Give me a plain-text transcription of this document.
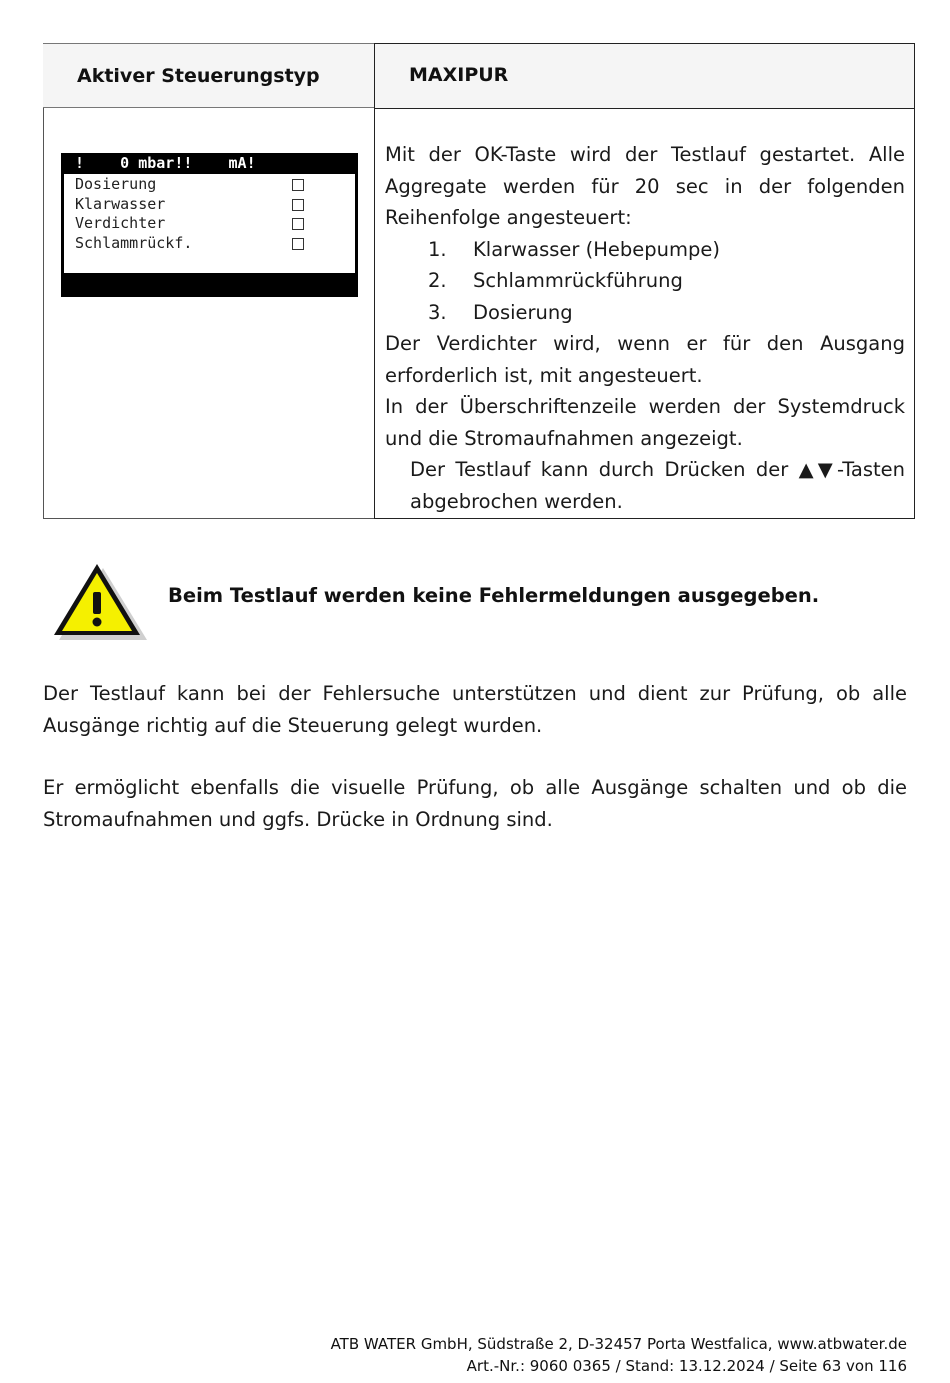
Aktiver Steuerungstyp	MAXIPUR
!    0 mbar!!    mA!
Dosierung
Klarwasser
Verdichter
Schlammrückf.

↵

Start

↑↓Blättern

Mit der OK-Taste wird der Testlauf gestartet. Alle Aggregate werden für 20 sec in der folgenden Reihenfolge angesteuert:

1.	Klarwasser (Hebepumpe)
2.	Schlammrückführung
3.	Dosierung

Der Verdichter wird, wenn er für den Ausgang erforderlich ist, mit angesteuert.

In der Überschriftenzeile werden der Systemdruck und die Stromaufnahmen angezeigt.

Der Testlauf kann durch Drücken der ▲▼-Tasten abgebrochen werden.

Beim Testlauf werden keine Fehlermeldungen ausgegeben.
Der Testlauf kann bei der Fehlersuche unterstützen und dient zur Prüfung, ob alle Ausgänge richtig auf die Steuerung gelegt wurden.
Er ermöglicht ebenfalls die visuelle Prüfung, ob alle Ausgänge schalten und ob die Stromaufnahmen und ggfs. Drücke in Ordnung sind.
ATB WATER GmbH, Südstraße 2, D-32457 Porta Westfalica, www.atbwater.de
Art.-Nr.: 9060 0365 / Stand: 13.12.2024 / Seite 63 von 116
